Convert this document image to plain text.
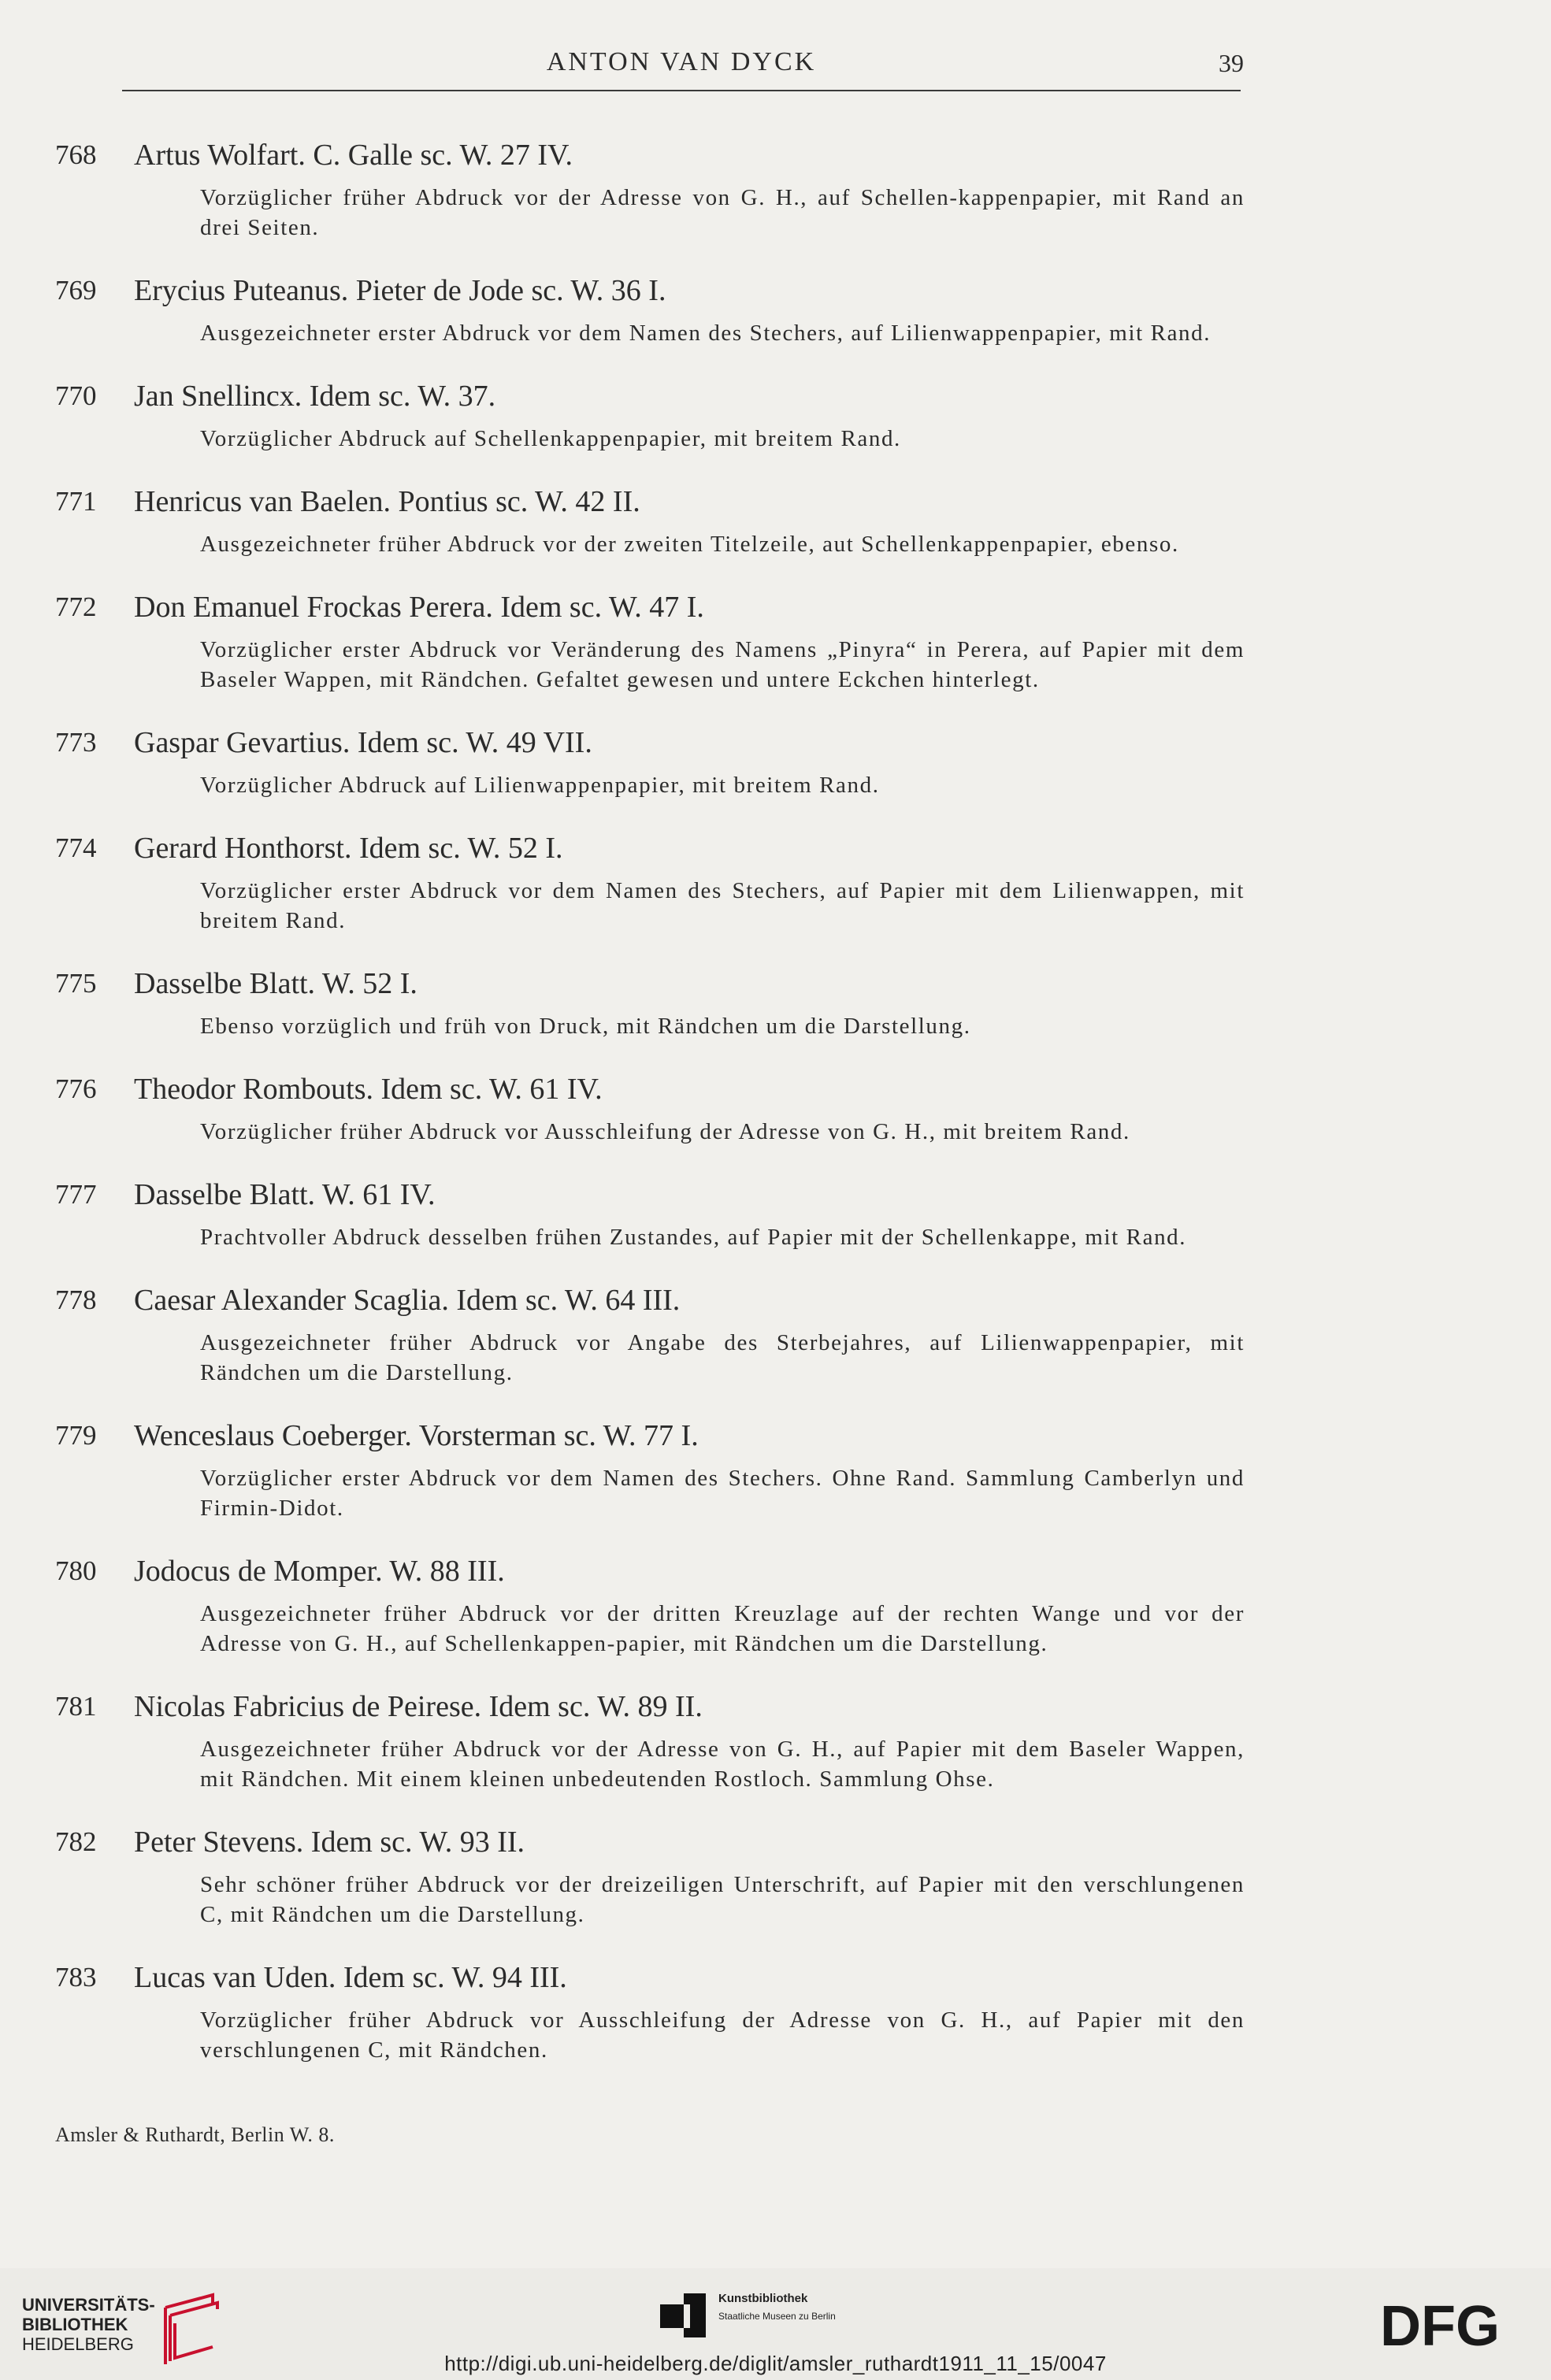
ANTON VAN DYCK	39
768	Artus Wolfart. C. Galle sc. W. 27 IV.
Vorzüglicher früher Abdruck vor der Adresse von G. H., auf Schellen-kappenpapier, mit Rand an drei Seiten.
769	Erycius Puteanus. Pieter de Jode sc. W. 36 I.
Ausgezeichneter erster Abdruck vor dem Namen des Stechers, auf Lilienwappenpapier, mit Rand.
770	Jan Snellincx. Idem sc. W. 37.
Vorzüglicher Abdruck auf Schellenkappenpapier, mit breitem Rand.
771	Henricus van Baelen. Pontius sc. W. 42 II.
Ausgezeichneter früher Abdruck vor der zweiten Titelzeile, aut Schellenkappenpapier, ebenso.
772	Don Emanuel Frockas Perera. Idem sc. W. 47 I.
Vorzüglicher erster Abdruck vor Veränderung des Namens „Pinyra“ in Perera, auf Papier mit dem Baseler Wappen, mit Rändchen. Gefaltet gewesen und untere Eckchen hinterlegt.
773	Gaspar Gevartius. Idem sc. W. 49 VII.
Vorzüglicher Abdruck auf Lilienwappenpapier, mit breitem Rand.
774	Gerard Honthorst. Idem sc. W. 52 I.
Vorzüglicher erster Abdruck vor dem Namen des Stechers, auf Papier mit dem Lilienwappen, mit breitem Rand.
775	Dasselbe Blatt. W. 52 I.
Ebenso vorzüglich und früh von Druck, mit Rändchen um die Darstellung.
776	Theodor Rombouts. Idem sc. W. 61 IV.
Vorzüglicher früher Abdruck vor Ausschleifung der Adresse von G. H., mit breitem Rand.
777	Dasselbe Blatt. W. 61 IV.
Prachtvoller Abdruck desselben frühen Zustandes, auf Papier mit der Schellenkappe, mit Rand.
778	Caesar Alexander Scaglia. Idem sc. W. 64 III.
Ausgezeichneter früher Abdruck vor Angabe des Sterbejahres, auf Lilienwappenpapier, mit Rändchen um die Darstellung.
779	Wenceslaus Coeberger. Vorsterman sc. W. 77 I.
Vorzüglicher erster Abdruck vor dem Namen des Stechers. Ohne Rand. Sammlung Camberlyn und Firmin-Didot.
780	Jodocus de Momper. W. 88 III.
Ausgezeichneter früher Abdruck vor der dritten Kreuzlage auf der rechten Wange und vor der Adresse von G. H., auf Schellenkappen-papier, mit Rändchen um die Darstellung.
781	Nicolas Fabricius de Peirese. Idem sc. W. 89 II.
Ausgezeichneter früher Abdruck vor der Adresse von G. H., auf Papier mit dem Baseler Wappen, mit Rändchen. Mit einem kleinen unbedeutenden Rostloch. Sammlung Ohse.
782	Peter Stevens. Idem sc. W. 93 II.
Sehr schöner früher Abdruck vor der dreizeiligen Unterschrift, auf Papier mit den verschlungenen C, mit Rändchen um die Darstellung.
783	Lucas van Uden. Idem sc. W. 94 III.
Vorzüglicher früher Abdruck vor Ausschleifung der Adresse von G. H., auf Papier mit den verschlungenen C, mit Rändchen.
Amsler & Ruthardt, Berlin W. 8.
UNIVERSITÄTS-
BIBLIOTHEK
HEIDELBERG
Kunstbibliothek
Staatliche Museen zu Berlin	DFG
http://digi.ub.uni-heidelberg.de/diglit/amsler_ruthardt1911_11_15/0047
